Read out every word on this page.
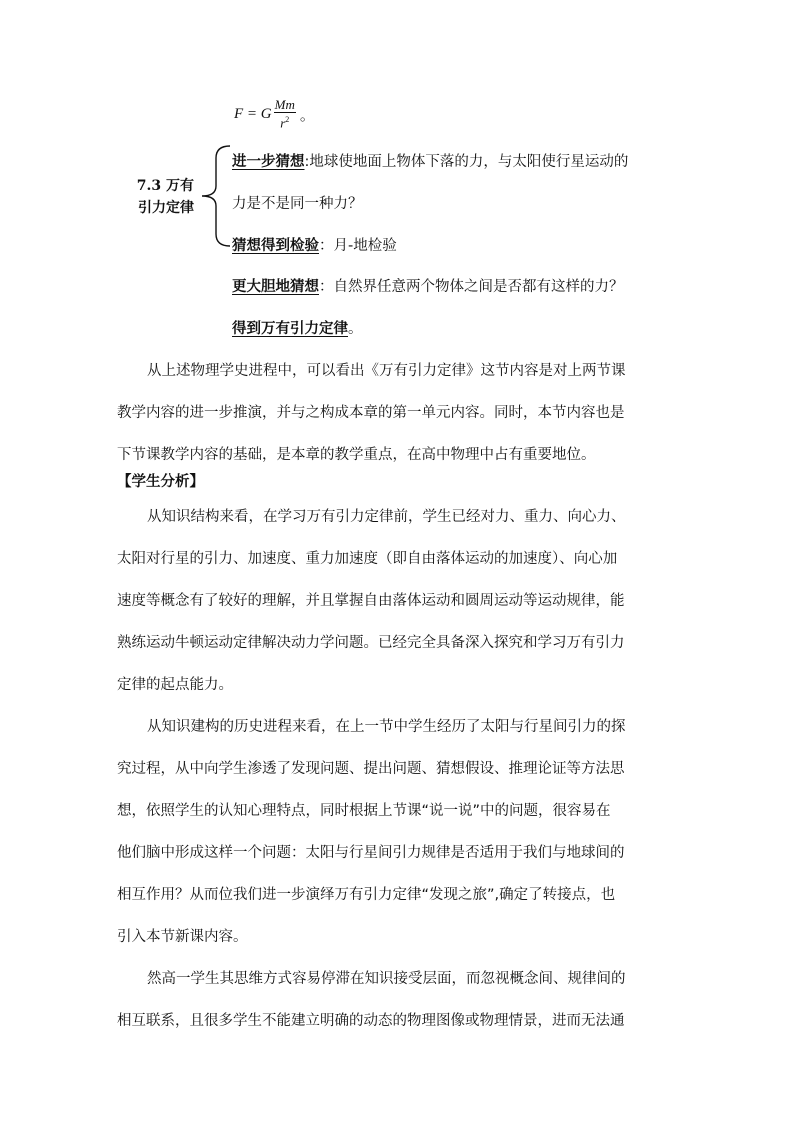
F = G $\frac{Mm}{r^2}$ 。
7.3 万有
引力定律
进一步猜想:地球使地面上物体下落的力，与太阳使行星运动的
力是不是同一种力？
猜想得到检验：月-地检验
更大胆地猜想：自然界任意两个物体之间是否都有这样的力？
得到万有引力定律。
从上述物理学史进程中，可以看出《万有引力定律》这节内容是对上两节课
教学内容的进一步推演，并与之构成本章的第一单元内容。同时，本节内容也是
下节课教学内容的基础，是本章的教学重点，在高中物理中占有重要地位。
【学生分析】
从知识结构来看，在学习万有引力定律前，学生已经对力、重力、向心力、
太阳对行星的引力、加速度、重力加速度（即自由落体运动的加速度）、向心加
速度等概念有了较好的理解，并且掌握自由落体运动和圆周运动等运动规律，能
熟练运动牛顿运动定律解决动力学问题。已经完全具备深入探究和学习万有引力
定律的起点能力。
从知识建构的历史进程来看，在上一节中学生经历了太阳与行星间引力的探
究过程，从中向学生渗透了发现问题、提出问题、猜想假设、推理论证等方法思
想，依照学生的认知心理特点，同时根据上节课“说一说”中的问题，很容易在
他们脑中形成这样一个问题：太阳与行星间引力规律是否适用于我们与地球间的
相互作用？从而位我们进一步演绎万有引力定律“发现之旅”,确定了转接点，也
引入本节新课内容。
然高一学生其思维方式容易停滞在知识接受层面，而忽视概念间、规律间的
相互联系，且很多学生不能建立明确的动态的物理图像或物理情景，进而无法通
